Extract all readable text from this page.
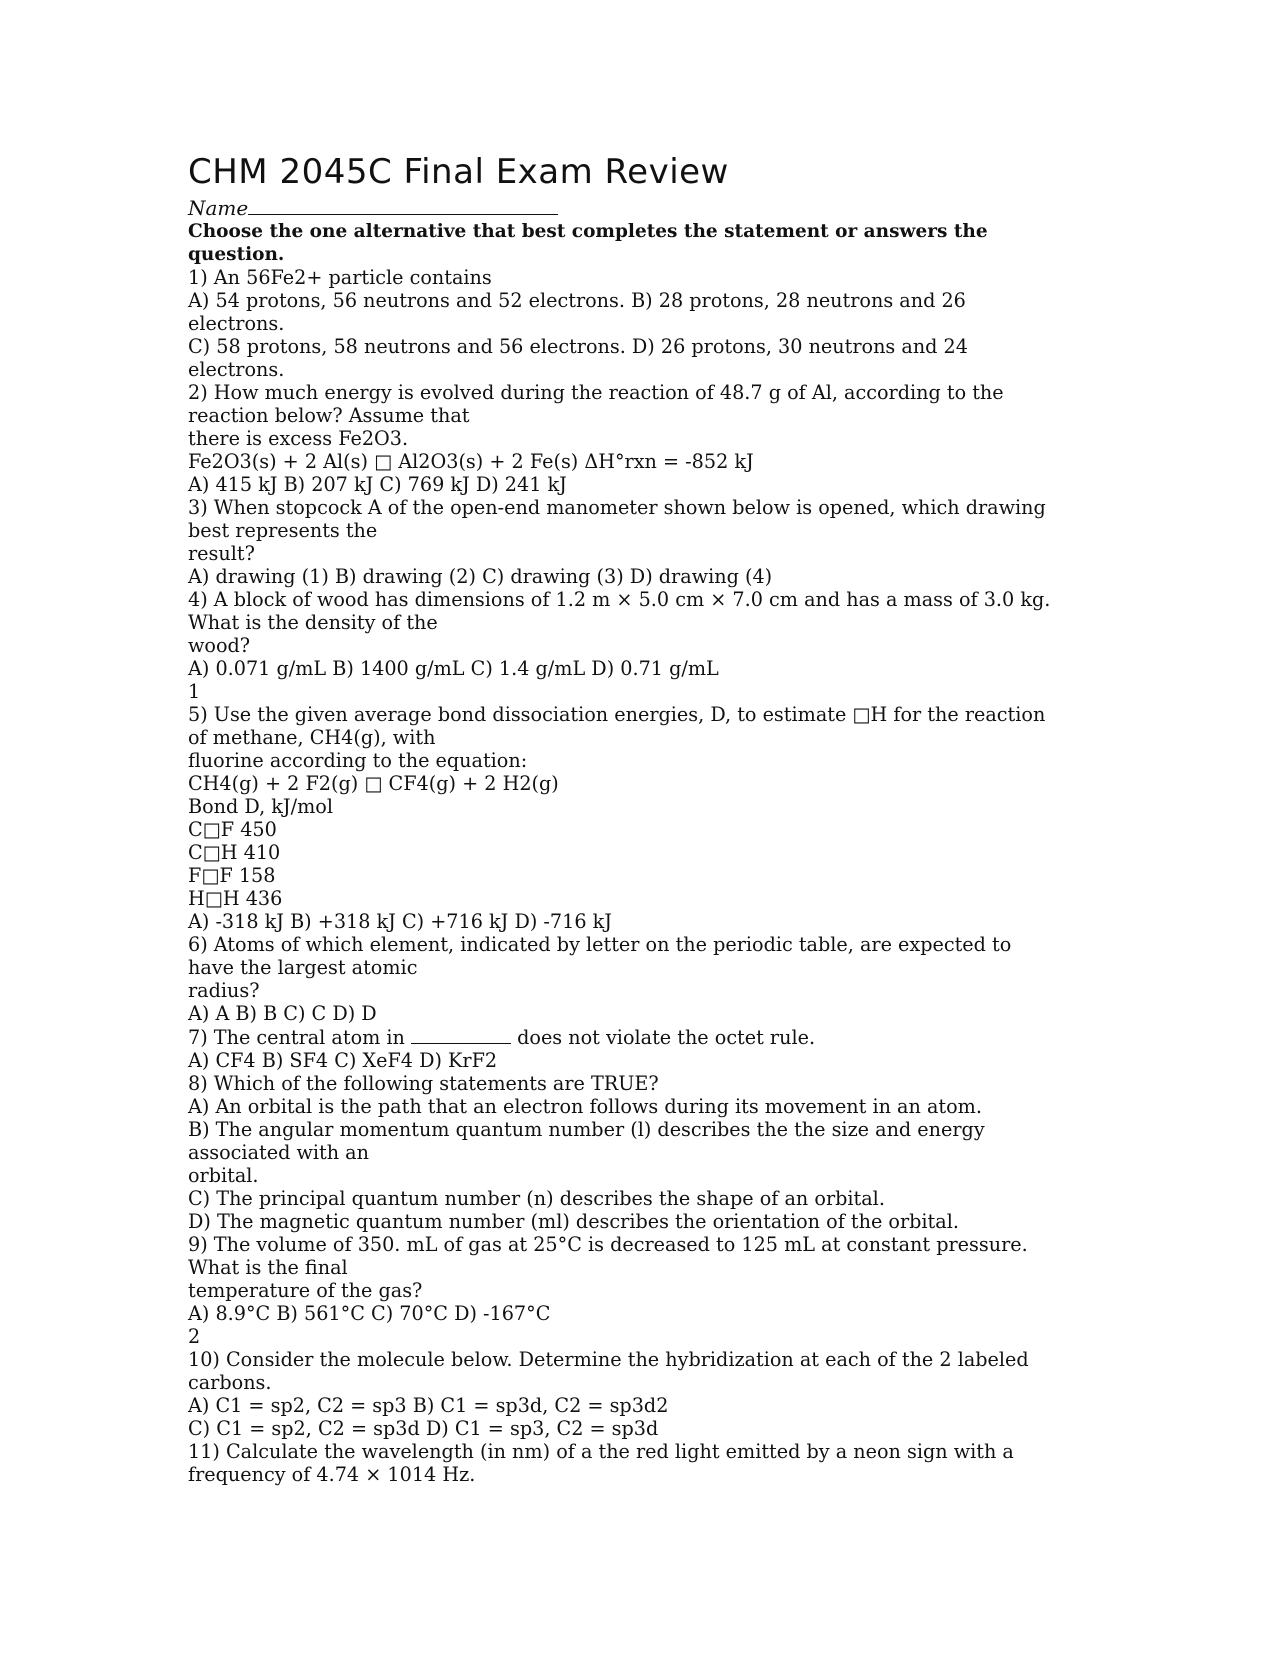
CHM 2045C Final Exam Review
Name
Choose the one alternative that best completes the statement or answers the question.
1) An 56Fe2+ particle contains
A) 54 protons, 56 neutrons and 52 electrons. B) 28 protons, 28 neutrons and 26
electrons.
C) 58 protons, 58 neutrons and 56 electrons. D) 26 protons, 30 neutrons and 24
electrons.
2) How much energy is evolved during the reaction of 48.7 g of Al, according to the
reaction below? Assume that
there is excess Fe2O3.
Fe2O3(s) + 2 Al(s) □ Al2O3(s) + 2 Fe(s) ΔH°rxn = -852 kJ
A) 415 kJ B) 207 kJ C) 769 kJ D) 241 kJ
3) When stopcock A of the open-end manometer shown below is opened, which drawing
best represents the
result?
A) drawing (1) B) drawing (2) C) drawing (3) D) drawing (4)
4) A block of wood has dimensions of 1.2 m × 5.0 cm × 7.0 cm and has a mass of 3.0 kg.
What is the density of the
wood?
A) 0.071 g/mL B) 1400 g/mL C) 1.4 g/mL D) 0.71 g/mL
1
5) Use the given average bond dissociation energies, D, to estimate □H for the reaction
of methane, CH4(g), with
fluorine according to the equation:
CH4(g) + 2 F2(g) □ CF4(g) + 2 H2(g)
Bond D, kJ/mol
C□F 450
C□H 410
F□F 158
H□H 436
A) -318 kJ B) +318 kJ C) +716 kJ D) -716 kJ
6) Atoms of which element, indicated by letter on the periodic table, are expected to
have the largest atomic
radius?
A) A B) B C) C D) D
7) The central atom in	does not violate the octet rule.
A) CF4 B) SF4 C) XeF4 D) KrF2
8) Which of the following statements are TRUE?
A) An orbital is the path that an electron follows during its movement in an atom.
B) The angular momentum quantum number (l) describes the the size and energy
associated with an
orbital.
C) The principal quantum number (n) describes the shape of an orbital.
D) The magnetic quantum number (ml) describes the orientation of the orbital.
9) The volume of 350. mL of gas at 25°C is decreased to 125 mL at constant pressure.
What is the final
temperature of the gas?
A) 8.9°C B) 561°C C) 70°C D) -167°C
2
10) Consider the molecule below. Determine the hybridization at each of the 2 labeled
carbons.
A) C1 = sp2, C2 = sp3 B) C1 = sp3d, C2 = sp3d2
C) C1 = sp2, C2 = sp3d D) C1 = sp3, C2 = sp3d
11) Calculate the wavelength (in nm) of a the red light emitted by a neon sign with a
frequency of 4.74 × 1014 Hz.
